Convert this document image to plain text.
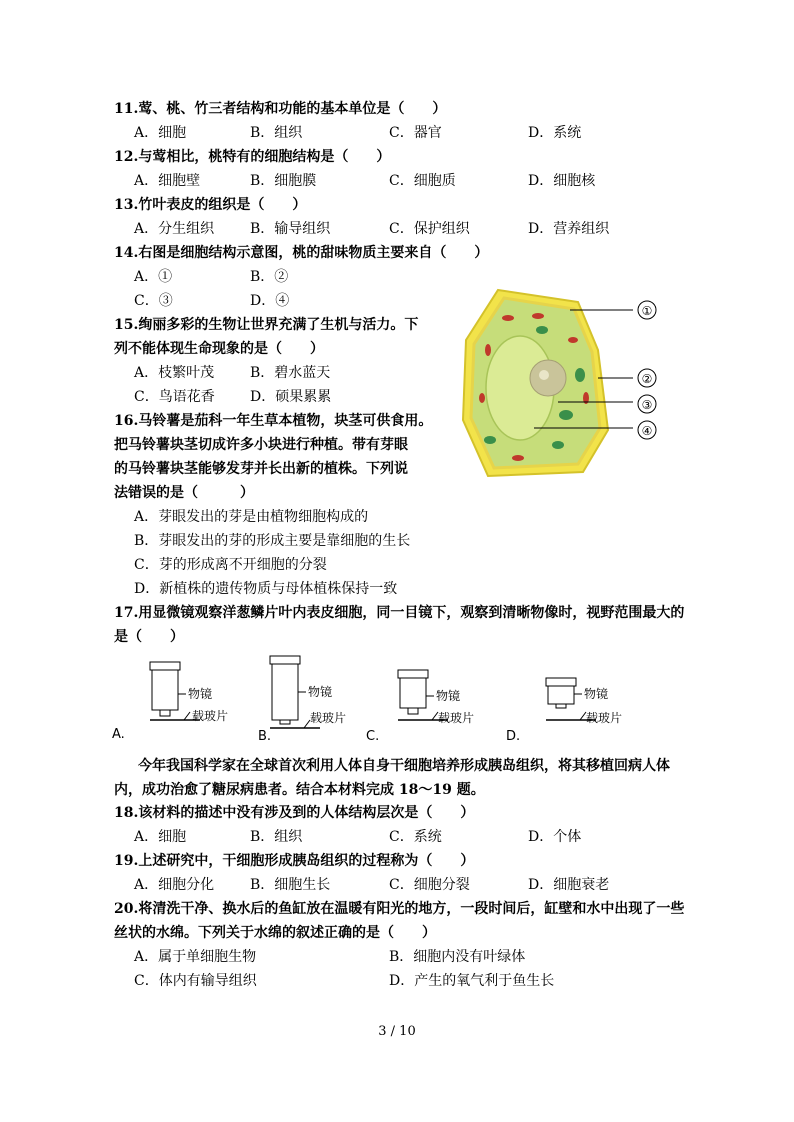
11.莺、桃、竹三者结构和功能的基本单位是（　　）
A．细胞	B．组织	C．器官	D．系统
12.与莺相比，桃特有的细胞结构是（　　）
A．细胞壁	B．细胞膜	C．细胞质	D．细胞核
13.竹叶表皮的组织是（　　）
A．分生组织	B．输导组织	C．保护组织	D．营养组织
14.右图是细胞结构示意图，桃的甜味物质主要来自（　　）
A．①	B．②
C．③	D．④
15.绚丽多彩的生物让世界充满了生机与活力。下
列不能体现生命现象的是（　　）
A．枝繁叶茂	B．碧水蓝天
C．鸟语花香	D．硕果累累
16.马铃薯是茄科一年生草本植物，块茎可供食用。
把马铃薯块茎切成许多小块进行种植。带有芽眼
的马铃薯块茎能够发芽并长出新的植株。下列说
法错误的是（　　　）
A．芽眼发出的芽是由植物细胞构成的
B．芽眼发出的芽的形成主要是靠细胞的生长
C．芽的形成离不开细胞的分裂
D．新植株的遗传物质与母体植株保持一致
①
②
③
④
17.用显微镜观察洋葱鳞片叶内表皮细胞，同一目镜下，观察到清晰物像时，视野范围最大的
是（　　）
物镜
载玻片
A.
物镜
载玻片
B.
物镜
载玻片
C.
物镜
载玻片
D.
今年我国科学家在全球首次利用人体自身干细胞培养形成胰岛组织，将其移植回病人体
内，成功治愈了糖尿病患者。结合本材料完成 18～19 题。
18.该材料的描述中没有涉及到的人体结构层次是（　　）
A．细胞	B．组织	C．系统	D．个体
19.上述研究中，干细胞形成胰岛组织的过程称为（　　）
A．细胞分化	B．细胞生长	C．细胞分裂	D．细胞衰老
20.将清洗干净、换水后的鱼缸放在温暖有阳光的地方，一段时间后，缸壁和水中出现了一些
丝状的水绵。下列关于水绵的叙述正确的是（　　）
A．属于单细胞生物	B．细胞内没有叶绿体
C．体内有输导组织	D．产生的氧气利于鱼生长
3 / 10
